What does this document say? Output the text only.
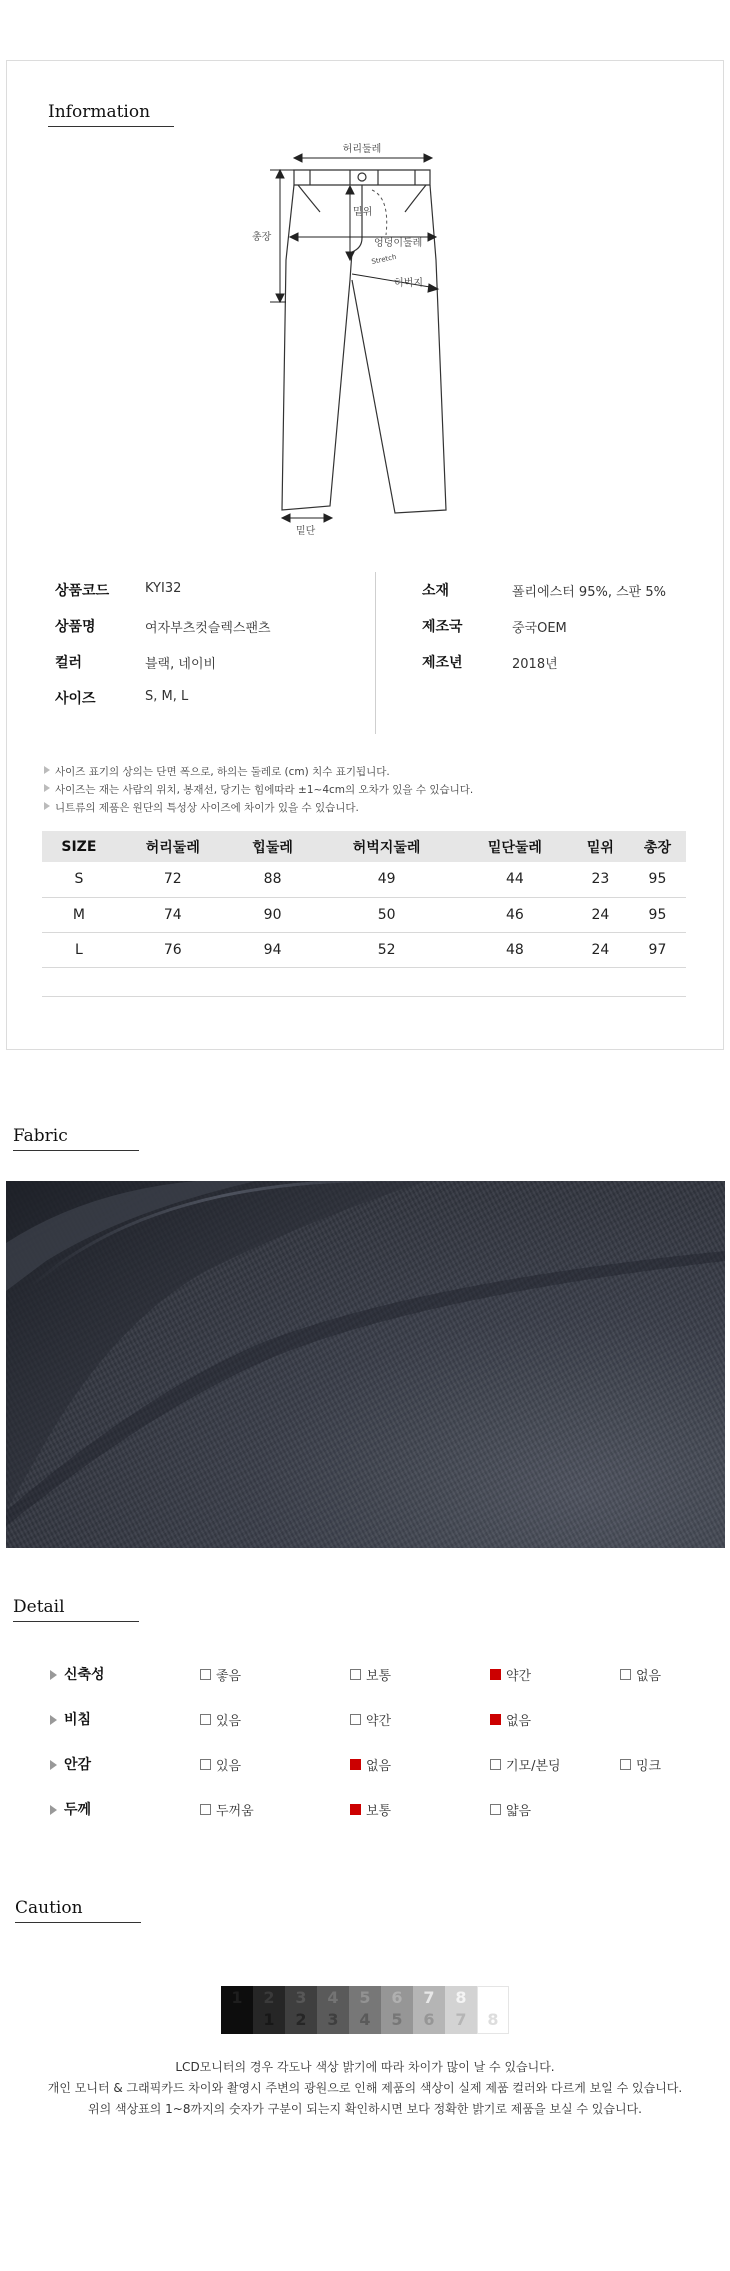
Information
허리둘레
밑위
총장
엉덩이둘레
Stretch
허벅지
밑단
상품코드	KYI32
상품명	여자부츠컷슬렉스팬츠
컬러	블랙, 네이비
사이즈	S, M, L
소재	폴리에스터 95%, 스판 5%
제조국	중국OEM
제조년	2018년
사이즈 표기의 상의는 단면 폭으로, 하의는 둘레로 (cm) 치수 표기됩니다.
사이즈는 재는 사람의 위치, 봉재선, 당기는 힘에따라 ±1~4cm의 오차가 있을 수 있습니다.
니트류의 제품은 원단의 특성상 사이즈에 차이가 있을 수 있습니다.
SIZE	허리둘레	힙둘레	허벅지둘레	밑단둘레	밑위	총장
S	72	88	49	44	23	95
M	74	90	50	46	24	95
L	76	94	52	48	24	97
Fabric
Detail
신축성	좋음	보통	약간	없음
비침	있음	약간	없음
안감	있음	없음	기모/본딩	밍크
두께	두꺼움	보통	얇음
Caution
1	2
1
3
2
4
3
5
4
6
5
7
6
8
7	8
LCD모니터의 경우 각도나 색상 밝기에 따라 차이가 많이 날 수 있습니다.
개인 모니터 & 그래픽카드 차이와 촬영시 주변의 광원으로 인해 제품의 색상이 실제 제품 컬러와 다르게 보일 수 있습니다.
위의 색상표의 1~8까지의 숫자가 구분이 되는지 확인하시면 보다 정확한 밝기로 제품을 보실 수 있습니다.
